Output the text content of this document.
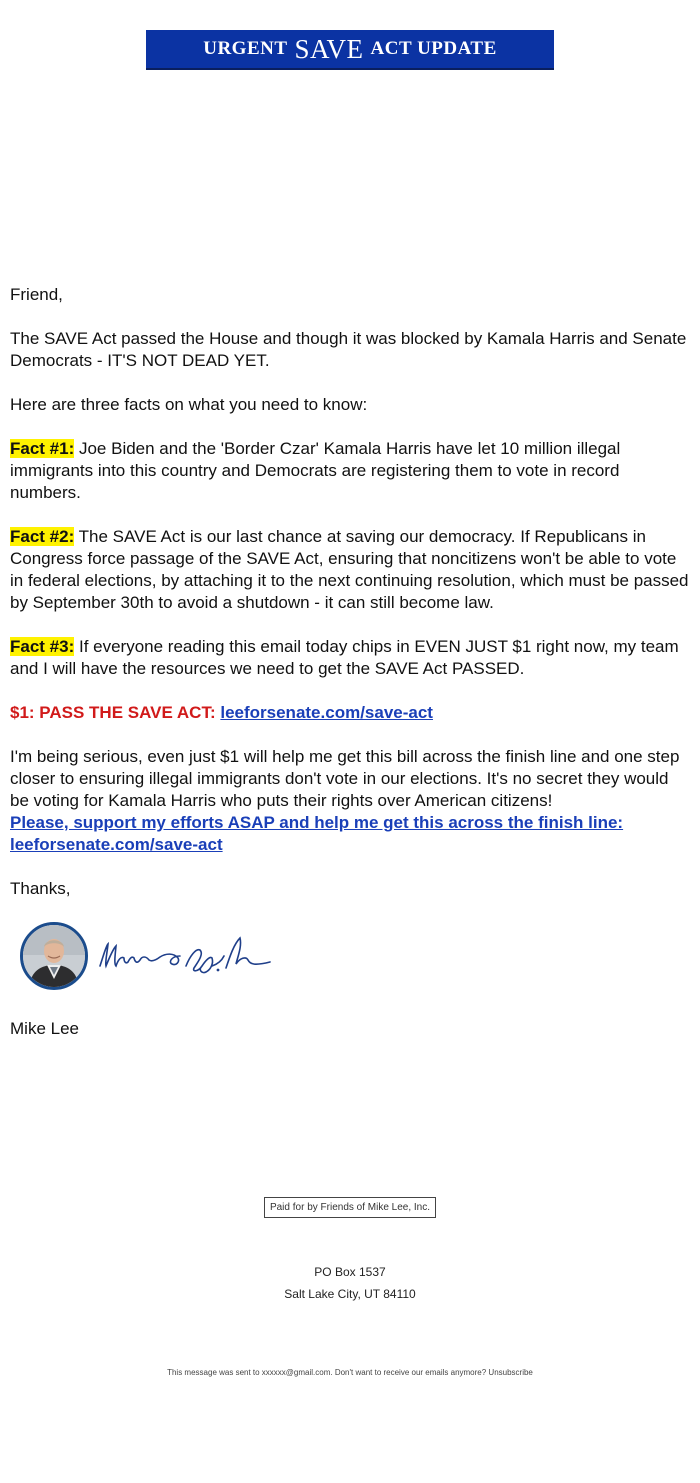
URGENT SAVE ACT UPDATE

Friend,

The SAVE Act passed the House and though it was blocked by Kamala Harris and Senate Democrats - IT'S NOT DEAD YET.

Here are three facts on what you need to know:

Fact #1: Joe Biden and the 'Border Czar' Kamala Harris have let 10 million illegal immigrants into this country and Democrats are registering them to vote in record numbers.

Fact #2: The SAVE Act is our last chance at saving our democracy. If Republicans in Congress force passage of the SAVE Act, ensuring that noncitizens won't be able to vote in federal elections, by attaching it to the next continuing resolution, which must be passed by September 30th to avoid a shutdown - it can still become law.

Fact #3: If everyone reading this email today chips in EVEN JUST $1 right now, my team and I will have the resources we need to get the SAVE Act PASSED.

$1: PASS THE SAVE ACT: leeforsenate.com/save-act

I'm being serious, even just $1 will help me get this bill across the finish line and one step closer to ensuring illegal immigrants don't vote in our elections. It's no secret they would be voting for Kamala Harris who puts their rights over American citizens!
Please, support my efforts ASAP and help me get this across the finish line: leeforsenate.com/save-act

Thanks,

Mike Lee

Paid for by Friends of Mike Lee, Inc.
PO Box 1537
Salt Lake City, UT 84110
This message was sent to xxxxxx@gmail.com. Don't want to receive our emails anymore? Unsubscribe
